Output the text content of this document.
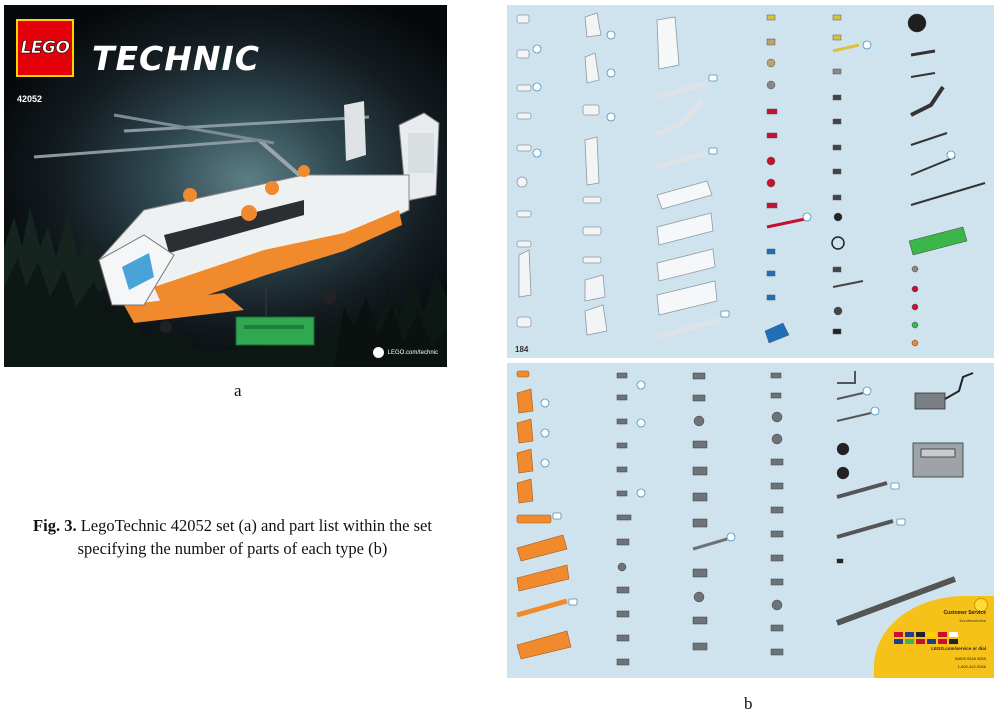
LEGO TECHNIC
42052
LEGO.com/technic
a
Fig. 3. LegoTechnic 42052 set (a) and part list within the set specifying the number of parts of each type (b)
184
Customer Service
Kundenservice
LEGO.com/service or dial
00800 5346 5555
1-800-422-5346
b
